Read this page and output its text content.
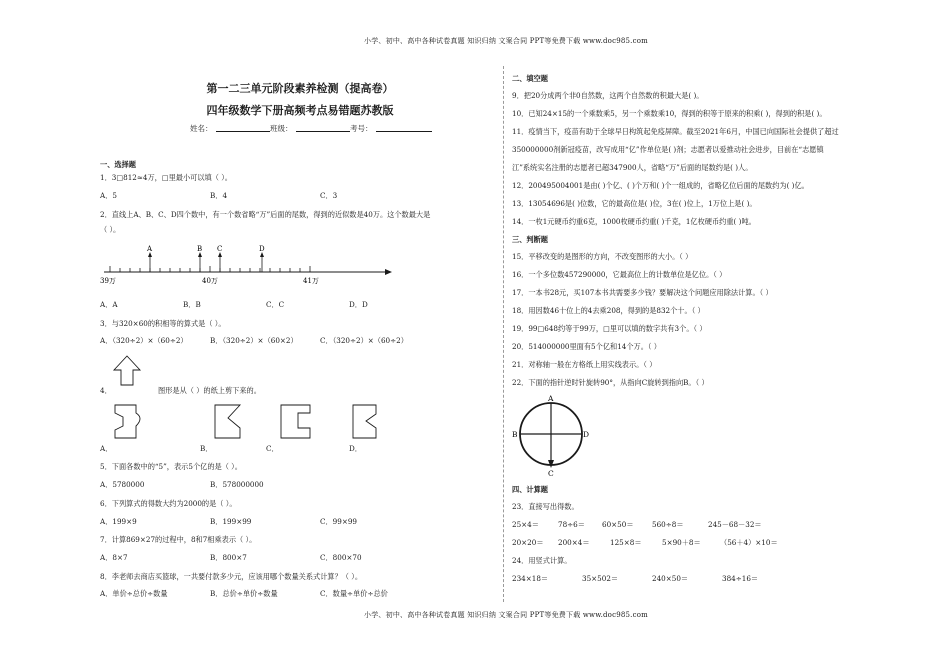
小学、初中、高中各种试卷真题 知识归纳 文案合同 PPT等免费下载 www.doc985.com
第一二三单元阶段素养检测（提高卷）
四年级数学下册高频考点易错题苏教版
姓名：	班级：	考号：
一、选择题
1．3□812≈4万，□里最小可以填（ ）。
A．5	B．4	C．3
2．直线上A、B、C、D四个数中，有一个数省略“万”后面的尾数，得到的近似数是40万。这个数最大是
（ ）。
A	B C	D
39万	40万	41万
A．A	B．B	C．C	D．D
3．与320×60的积相等的算式是（ ）。
A．（320÷2）×（60÷2）	B．（320÷2）×（60×2）	C．（320÷2）×（60÷2）
4．	图形是从（ ）的纸上剪下来的。
A．	B．	C．	D．
5．下面各数中的“5”，表示5个亿的是（ ）。
A．5780000	B．578000000
6．下列算式的得数大约为2000的是（ ）。
A．199×9	B．199×99	C．99×99
7．计算869×27的过程中，8和7相乘表示（ ）。
A．8×7	B．800×7	C．800×70
8．李老师去商店买篮球，一共要付款多少元，应该用哪个数量关系式计算？（ ）。
A．单价÷总价÷数量	B．总价÷单价÷数量	C．数量÷单价÷总价
二、填空题
9．把20分成两个非0自然数，这两个自然数的积最大是( )。
10．已知24×15的一个乘数乘5，另一个乘数乘10，得到的积等于原来的积乘( )，得到的积是( )。
11．疫情当下，疫苗有助于全球早日构筑起免疫屏障。截至2021年6月，中国已向国际社会提供了超过
350000000剂新冠疫苗，改写成用“亿”作单位是( )剂；志愿者以爱推动社会进步，目前在“志愿镇
江”系统实名注册的志愿者已超347900人，省略“万”后面的尾数约是( )人。
12．200495004001是由( )个亿、( )个万和( )个一组成的，省略亿位后面的尾数约为( )亿。
13．13054696是( )位数，它的最高位是( )位，3在( )位上，1万位上是( )。
14．一枚1元硬币约重6克，1000枚硬币约重( )千克，1亿枚硬币约重( )吨。
三、判断题
15．平移改变的是图形的方向，不改变图形的大小。（ ）
16．一个多位数457290000，它最高位上的计数单位是亿位。（ ）
17．一本书28元，买107本书共需要多少钱？要解决这个问题应用除法计算。（ ）
18．用因数46十位上的4去乘208，得到的是832个十。（ ）
19．99□648约等于99万，□里可以填的数字共有3个。（ ）
20．514000000里面有5个亿和14个万。（ ）
21．对称轴一般在方格纸上用实线表示。（ ）
22．下面的指针逆时针旋转90°，从指向C旋转到指向B。（ ）
A
B	D
C
四、计算题
23．直接写出得数。
25×4＝	78÷6＝ 60×50＝	560÷8＝	245－68－32＝
20×20＝ 200×4＝	125×8＝	5×90＋8＝	（56＋4）×10＝
24．用竖式计算。
234×18＝	35×502＝	240×50＝	384÷16＝
小学、初中、高中各种试卷真题 知识归纳 文案合同 PPT等免费下载 www.doc985.com
